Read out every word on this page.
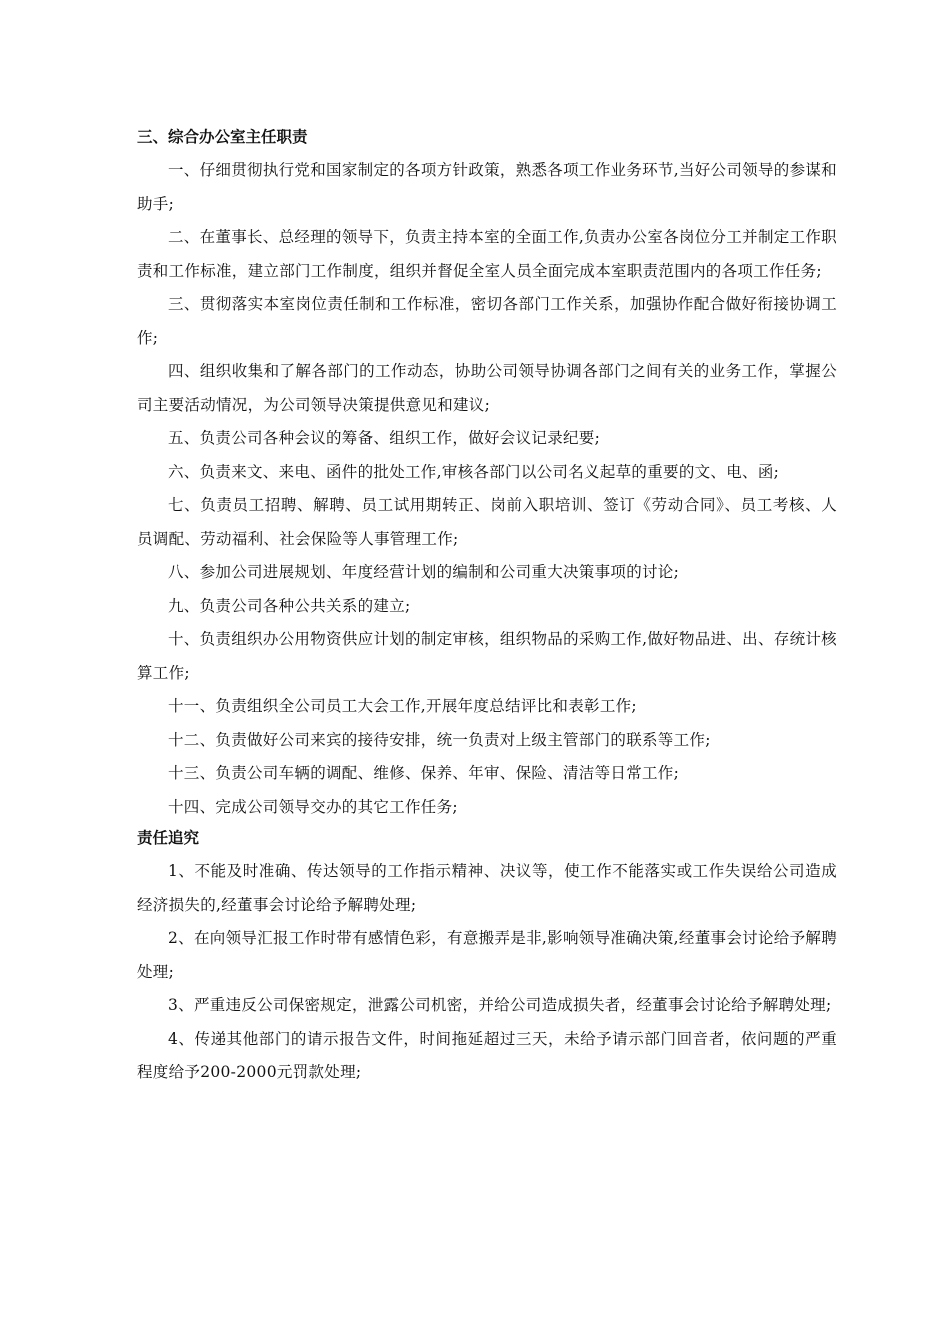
三、综合办公室主任职责

一、仔细贯彻执行党和国家制定的各项方针政策，熟悉各项工作业务环节,当好公司领导的参谋和助手;

二、在董事长、总经理的领导下，负责主持本室的全面工作,负责办公室各岗位分工并制定工作职责和工作标准，建立部门工作制度，组织并督促全室人员全面完成本室职责范围内的各项工作任务;

三、贯彻落实本室岗位责任制和工作标准，密切各部门工作关系，加强协作配合做好衔接协调工作;

四、组织收集和了解各部门的工作动态，协助公司领导协调各部门之间有关的业务工作，掌握公司主要活动情况，为公司领导决策提供意见和建议;

五、负责公司各种会议的筹备、组织工作，做好会议记录纪要;

六、负责来文、来电、函件的批处工作,审核各部门以公司名义起草的重要的文、电、函;

七、负责员工招聘、解聘、员工试用期转正、岗前入职培训、签订《劳动合同》、员工考核、人员调配、劳动福利、社会保险等人事管理工作;

八、参加公司进展规划、年度经营计划的编制和公司重大决策事项的讨论;

九、负责公司各种公共关系的建立;

十、负责组织办公用物资供应计划的制定审核，组织物品的采购工作,做好物品进、出、存统计核算工作;

十一、负责组织全公司员工大会工作,开展年度总结评比和表彰工作;

十二、负责做好公司来宾的接待安排，统一负责对上级主管部门的联系等工作;

十三、负责公司车辆的调配、维修、保养、年审、保险、清洁等日常工作;

十四、完成公司领导交办的其它工作任务;

责任追究

1、不能及时准确、传达领导的工作指示精神、决议等，使工作不能落实或工作失误给公司造成经济损失的,经董事会讨论给予解聘处理;

2、在向领导汇报工作时带有感情色彩，有意搬弄是非,影响领导准确决策,经董事会讨论给予解聘处理;

3、严重违反公司保密规定，泄露公司机密，并给公司造成损失者，经董事会讨论给予解聘处理;

4、传递其他部门的请示报告文件，时间拖延超过三天，未给予请示部门回音者，依问题的严重程度给予200-2000元罚款处理;
